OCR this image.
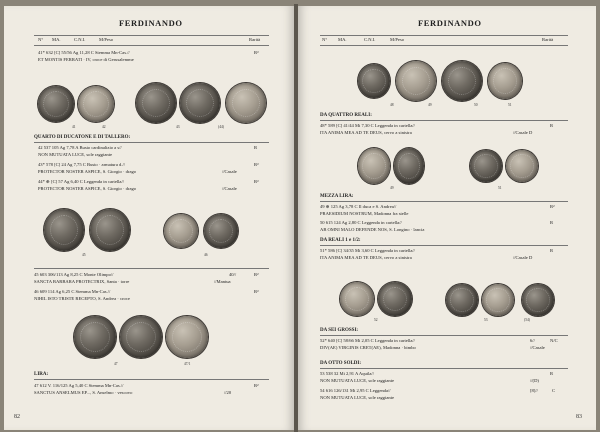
FERDINANDO
N° MA.	C.N.I.	M/Peso	Rarità
41* 632 [C] 55/56 Ag 11,28 C Stemma Mn-Cas.//	R³
ET MONTIS FERRATI · IV, croce di Gerusalemme
41	42	43	(44)
QUARTO DI DUCATONE E DI TALLERO:
42 537 105 Ag 7,78 A Busto cardinalizio a s//	R
NON MUTUATA LUCE, sole raggiante
43* 578 [C] 24 Ag 7,75 C Busto · armatura d.//	R³
PROTECTOR NOSTER ASPICE, S. Giorgio · drago	//Casale
44* ⊕ [C] 57 Ag 6,40 C Leggenda in cartella//	R³
PROTECTOR NOSTER ASPICE, S. Giorgio · drago	//Casale
45	46
45 603 306/113 Ag 8,25 C Monte Olimpo//	40//	R²
SANCTA BARBARA PROTECTRIX, Santa · torre	//Mantua
46 609 114 Ag 6,25 C Stemma Mn-Cas.//	R³
NIHIL ISTO TRISTE RECEPTO, S. Andrea · croce
47	47/1
LIRA:
47 612 V. 116/125 Ag 5,40 C Stemma Mn-Cas.//	R²
SANCTUS ANSELMUS EP..., S. Anselmo · vescovo	//20
82
FERDINANDO
N° MA.	C.N.I.	M/Peso	Rarità
48	49	50	51
DA QUATTRO REALI:
48* 589 [C] 41/44 Mi 7,30 C Leggenda in cartella//	R
ITA ANIMA MEA AD TE DEUS, cervo a sinistra	//Casale D
49	51
MEZZA LIRA:
49 ⊕ 125 Ag 3,78 C Il duca e S. Andrea//	R²
PRAESIDIUM NOSTRUM, Madonna fra stelle
50 615 124 Ag 2,80 C Leggenda in cartella//	R
AB OMNI MALO DEFENDE NOS, S. Longino · lancia
DA REALI 1 e 1/2:
51* 586 [C] 34/35 Mi 3,60 C Leggenda in cartella//	R
ITA ANIMA MEA AD TE DEUS, cervo a sinistra	//Casale D
52	53	(54)
DA SEI GROSSI:
52* 640 [C] 58/66 Mi 2,05 C Leggenda in cartella//	6//	N/C
DIV(AE) VIRGINIS CRET(AE), Madonna · bimbo	//Casale
DA OTTO SOLDI:
53 538 32 Mi 2,91 A Aquila//	R
NON MUTUATA LUCE, sole raggiante	//(D)
54 616 126/131 Mi 2,95 C Leggenda//	[8]//	C
NON MUTUATA LUCE, sole raggiante
83
